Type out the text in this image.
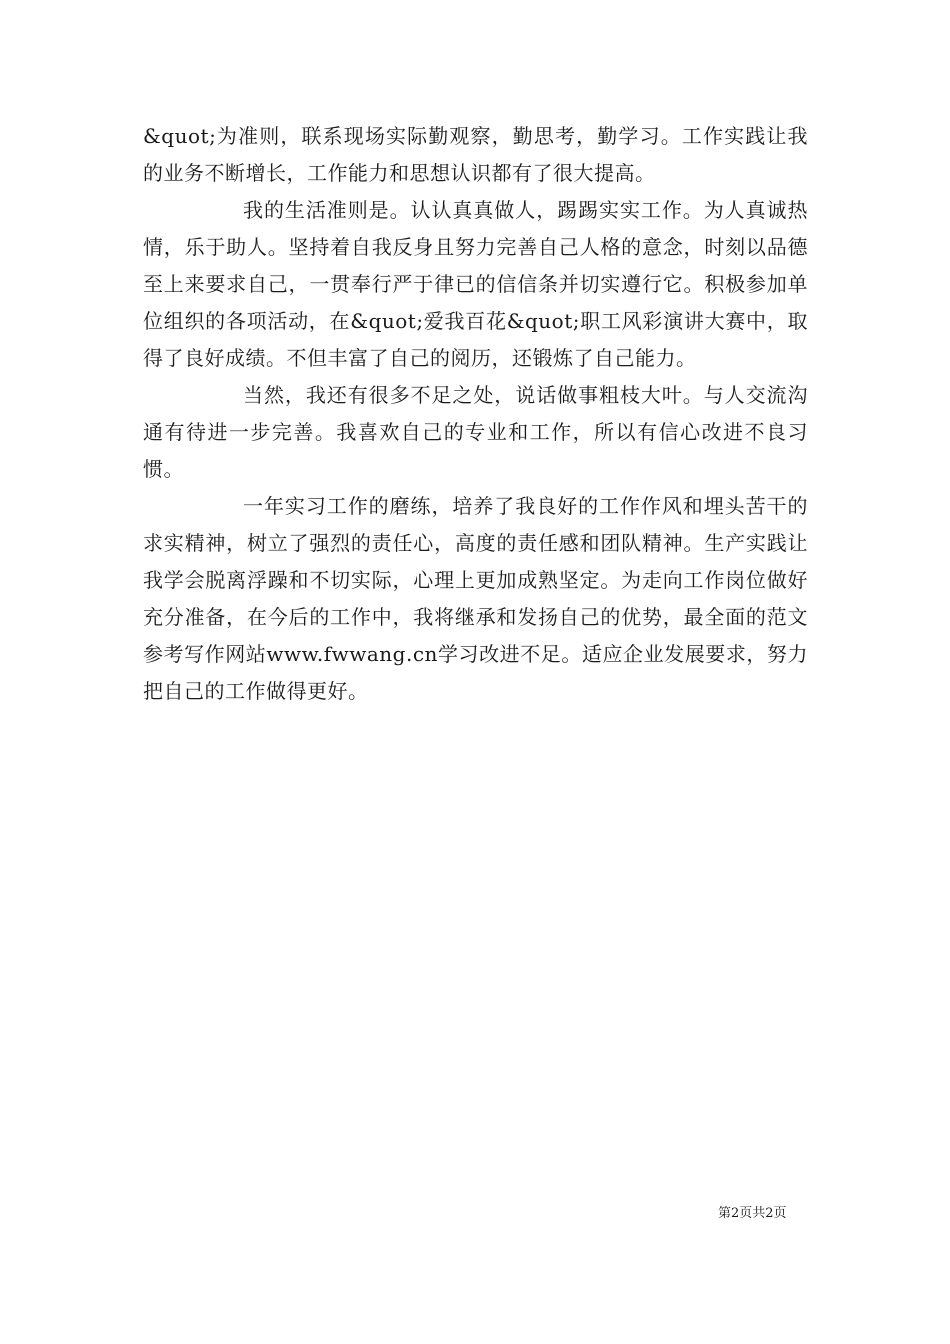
&quot;为准则，联系现场实际勤观察，勤思考，勤学习。工作实践让我的业务不断增长，工作能力和思想认识都有了很大提高。

我的生活准则是。认认真真做人，踢踢实实工作。为人真诚热情，乐于助人。坚持着自我反身且努力完善自己人格的意念，时刻以品德至上来要求自己，一贯奉行严于律已的信信条并切实遵行它。积极参加单位组织的各项活动，在&quot;爱我百花&quot;职工风彩演讲大赛中，取得了良好成绩。不但丰富了自己的阅历，还锻炼了自己能力。

当然，我还有很多不足之处，说话做事粗枝大叶。与人交流沟通有待进一步完善。我喜欢自己的专业和工作，所以有信心改进不良习惯。

一年实习工作的磨练，培养了我良好的工作作风和埋头苦干的求实精神，树立了强烈的责任心，高度的责任感和团队精神。生产实践让我学会脱离浮躁和不切实际，心理上更加成熟坚定。为走向工作岗位做好充分准备，在今后的工作中，我将继承和发扬自己的优势，最全面的范文参考写作网站www.fwwang.cn学习改进不足。适应企业发展要求，努力把自己的工作做得更好。

第2页共2页
